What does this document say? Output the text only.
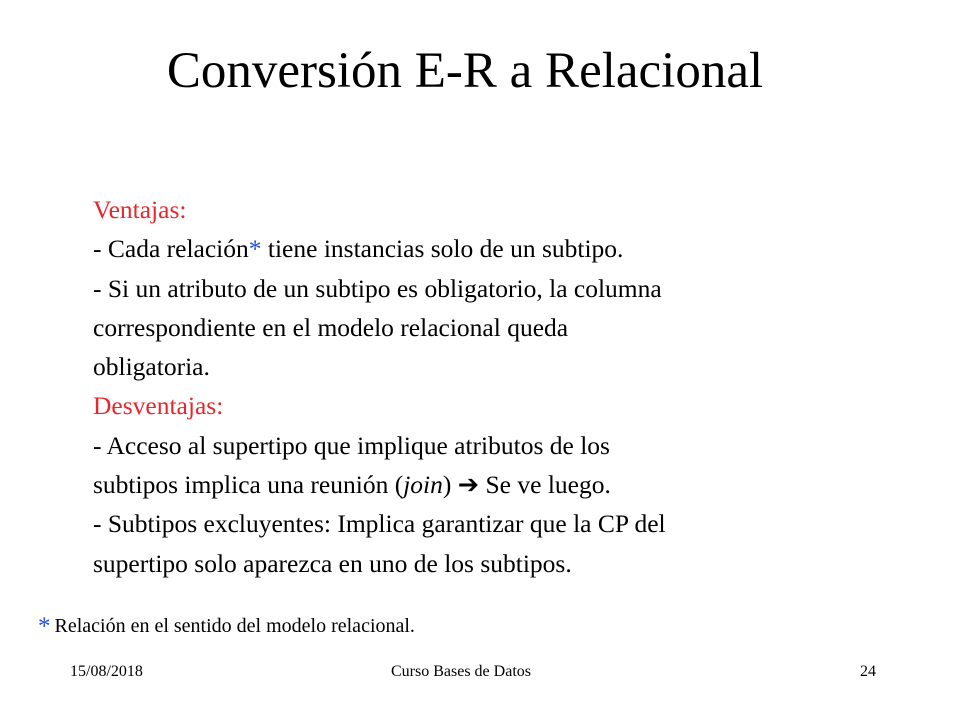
Conversión E-R a Relacional
Ventajas:
- Cada relación* tiene instancias solo de un subtipo.
- Si un atributo de un subtipo es obligatorio, la columna
correspondiente en el modelo relacional queda
obligatoria.
Desventajas:
- Acceso al supertipo que implique atributos de los
subtipos implica una reunión (join) ➔ Se ve luego.
- Subtipos excluyentes: Implica garantizar que la CP del
supertipo solo aparezca en uno de los subtipos.
* Relación en el sentido del modelo relacional.
15/08/2018	Curso Bases de Datos	24
